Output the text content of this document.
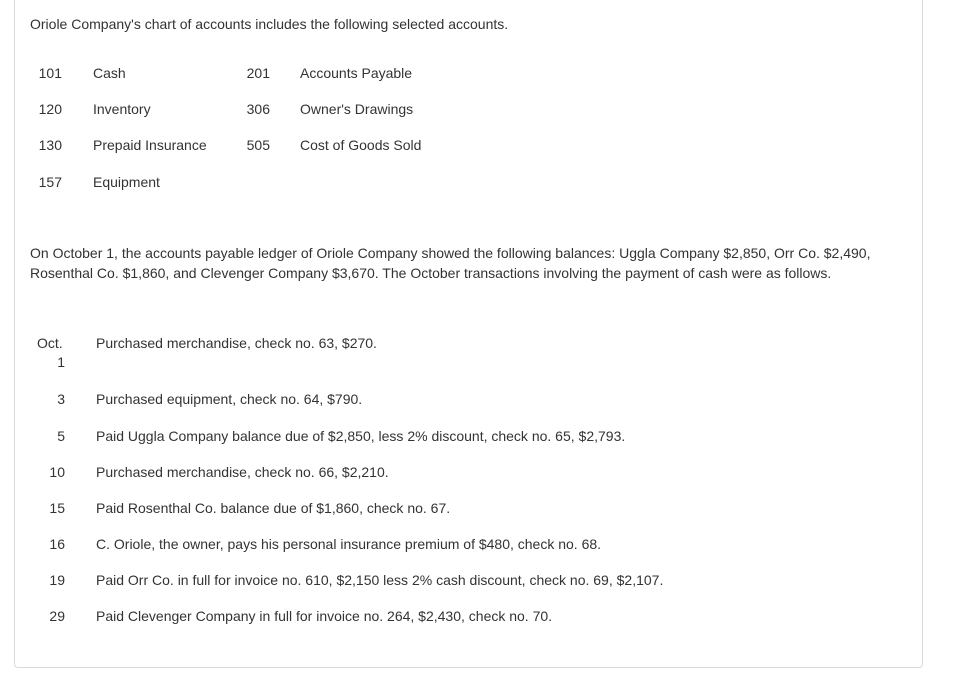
Oriole Company's chart of accounts includes the following selected accounts.
101 Cash
120 Inventory
130 Prepaid Insurance
157 Equipment
201 Accounts Payable
306 Owner's Drawings
505 Cost of Goods Sold
On October 1, the accounts payable ledger of Oriole Company showed the following balances: Uggla Company $2,850, Orr Co. $2,490, Rosenthal Co. $1,860, and Clevenger Company $3,670. The October transactions involving the payment of cash were as follows.
Oct.
1
Purchased merchandise, check no. 63, $270.
3 Purchased equipment, check no. 64, $790.
5 Paid Uggla Company balance due of $2,850, less 2% discount, check no. 65, $2,793.
10 Purchased merchandise, check no. 66, $2,210.
15 Paid Rosenthal Co. balance due of $1,860, check no. 67.
16 C. Oriole, the owner, pays his personal insurance premium of $480, check no. 68.
19 Paid Orr Co. in full for invoice no. 610, $2,150 less 2% cash discount, check no. 69, $2,107.
29 Paid Clevenger Company in full for invoice no. 264, $2,430, check no. 70.
